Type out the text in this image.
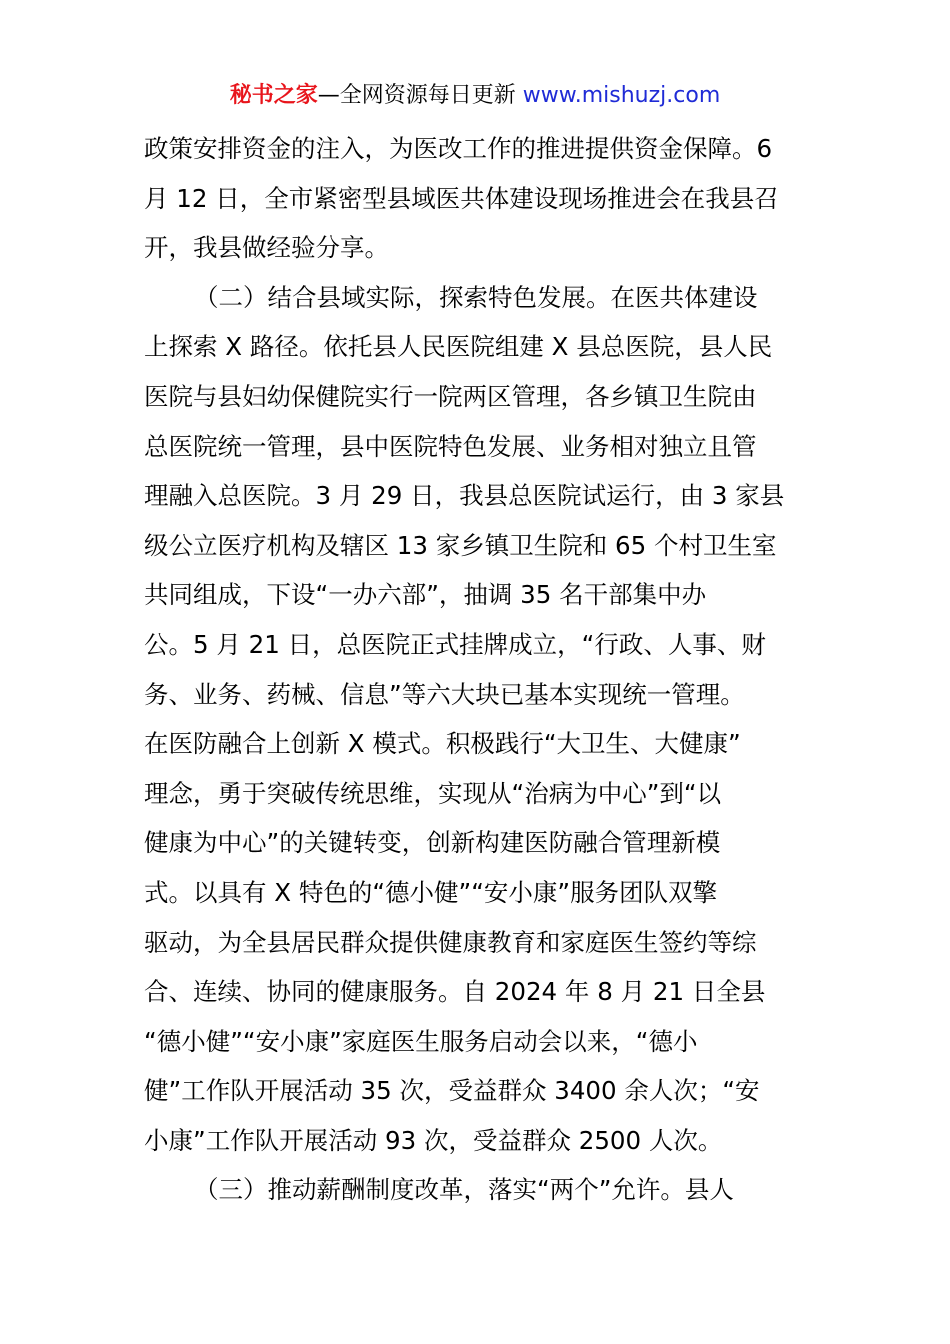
秘书之家—全网资源每日更新 www.mishuzj.com
政策安排资金的注入，为医改工作的推进提供资金保障。6
月 12 日，全市紧密型县域医共体建设现场推进会在我县召
开，我县做经验分享。
（二）结合县域实际，探索特色发展。在医共体建设
上探索 X 路径。依托县人民医院组建 X 县总医院，县人民
医院与县妇幼保健院实行一院两区管理，各乡镇卫生院由
总医院统一管理，县中医院特色发展、业务相对独立且管
理融入总医院。3 月 29 日，我县总医院试运行，由 3 家县
级公立医疗机构及辖区 13 家乡镇卫生院和 65 个村卫生室
共同组成，下设“一办六部”，抽调 35 名干部集中办
公。5 月 21 日，总医院正式挂牌成立，“行政、人事、财
务、业务、药械、信息”等六大块已基本实现统一管理。
在医防融合上创新 X 模式。积极践行“大卫生、大健康”
理念，勇于突破传统思维，实现从“治病为中心”到“以
健康为中心”的关键转变，创新构建医防融合管理新模
式。以具有 X 特色的“德小健”“安小康”服务团队双擎
驱动，为全县居民群众提供健康教育和家庭医生签约等综
合、连续、协同的健康服务。自 2024 年 8 月 21 日全县
“德小健”“安小康”家庭医生服务启动会以来，“德小
健”工作队开展活动 35 次，受益群众 3400 余人次；“安
小康”工作队开展活动 93 次，受益群众 2500 人次。
（三）推动薪酬制度改革，落实“两个”允许。县人
